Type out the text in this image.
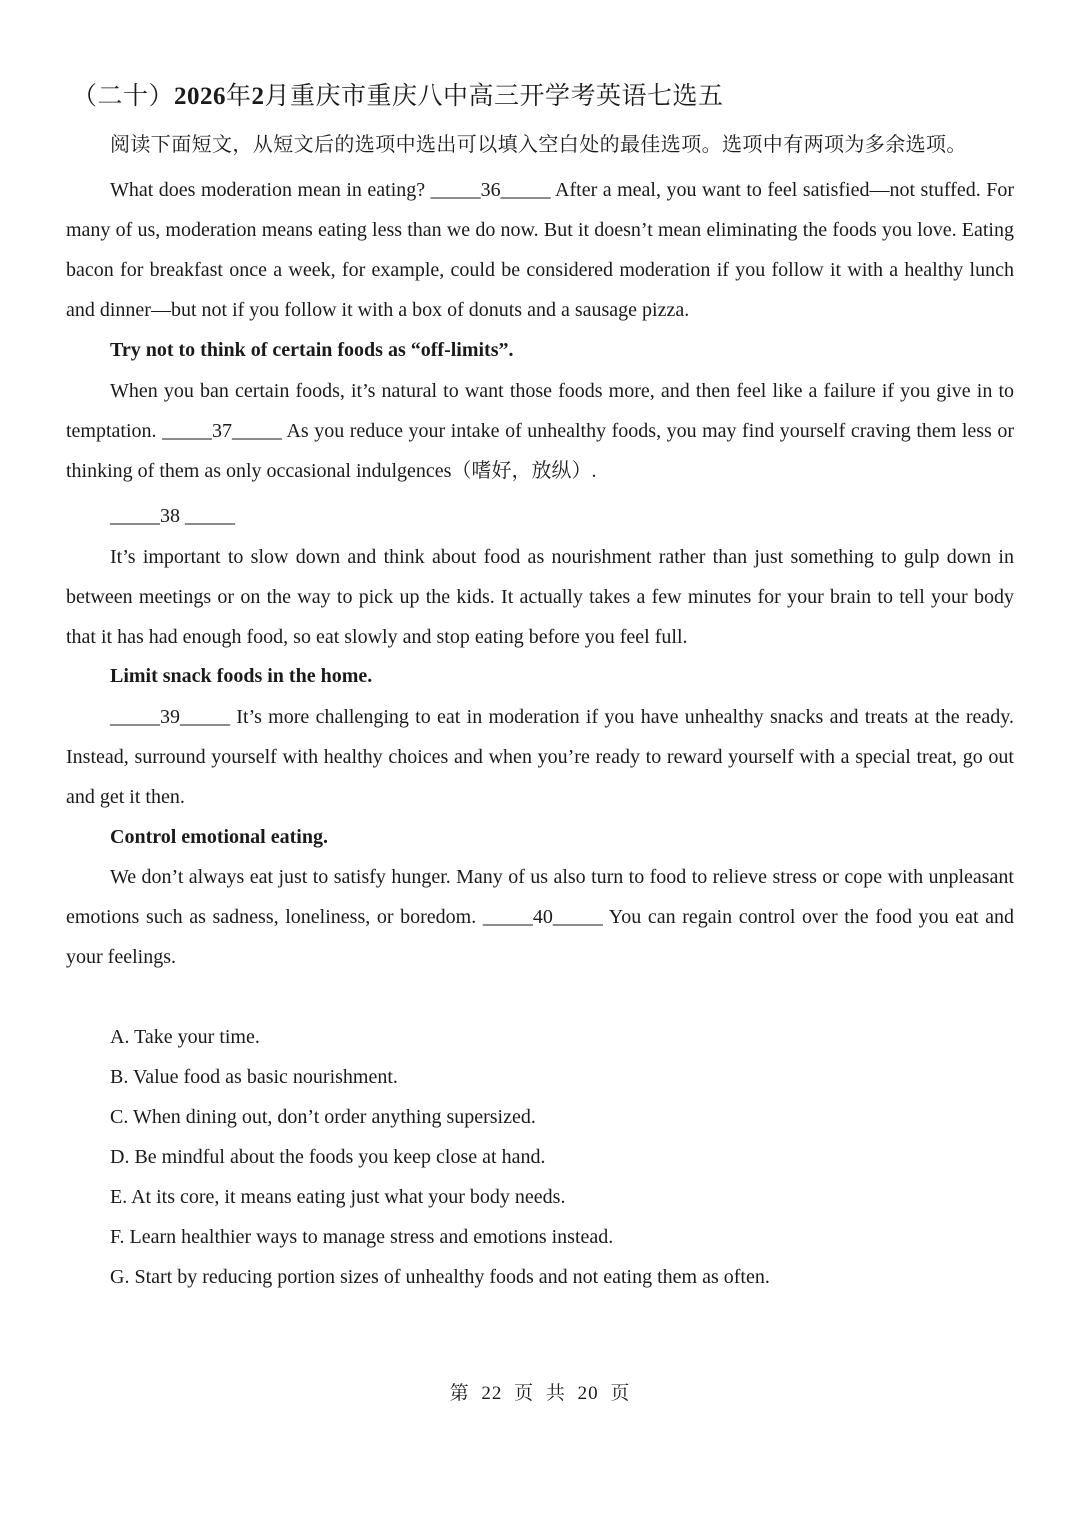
（二十）2026年2月重庆市重庆八中高三开学考英语七选五
阅读下面短文，从短文后的选项中选出可以填入空白处的最佳选项。选项中有两项为多余选项。

What does moderation mean in eating? _____36_____ After a meal, you want to feel satisfied—not stuffed. For many of us, moderation means eating less than we do now. But it doesn’t mean eliminating the foods you love. Eating bacon for breakfast once a week, for example, could be considered moderation if you follow it with a healthy lunch and dinner—but not if you follow it with a box of donuts and a sausage pizza.

Try not to think of certain foods as “off-limits”.

When you ban certain foods, it’s natural to want those foods more, and then feel like a failure if you give in to temptation. _____37_____ As you reduce your intake of unhealthy foods, you may find yourself craving them less or thinking of them as only occasional indulgences（嗜好，放纵）.

_____38 _____

It’s important to slow down and think about food as nourishment rather than just something to gulp down in between meetings or on the way to pick up the kids. It actually takes a few minutes for your brain to tell your body that it has had enough food, so eat slowly and stop eating before you feel full.

Limit snack foods in the home.

_____39_____ It’s more challenging to eat in moderation if you have unhealthy snacks and treats at the ready. Instead, surround yourself with healthy choices and when you’re ready to reward yourself with a special treat, go out and get it then.

Control emotional eating.

We don’t always eat just to satisfy hunger. Many of us also turn to food to relieve stress or cope with unpleasant emotions such as sadness, loneliness, or boredom. _____40_____ You can regain control over the food you eat and your feelings.

A. Take your time.
B. Value food as basic nourishment.
C. When dining out, don’t order anything supersized.
D. Be mindful about the foods you keep close at hand.
E. At its core, it means eating just what your body needs.
F. Learn healthier ways to manage stress and emotions instead.
G. Start by reducing portion sizes of unhealthy foods and not eating them as often.
第 22 页 共 20 页
